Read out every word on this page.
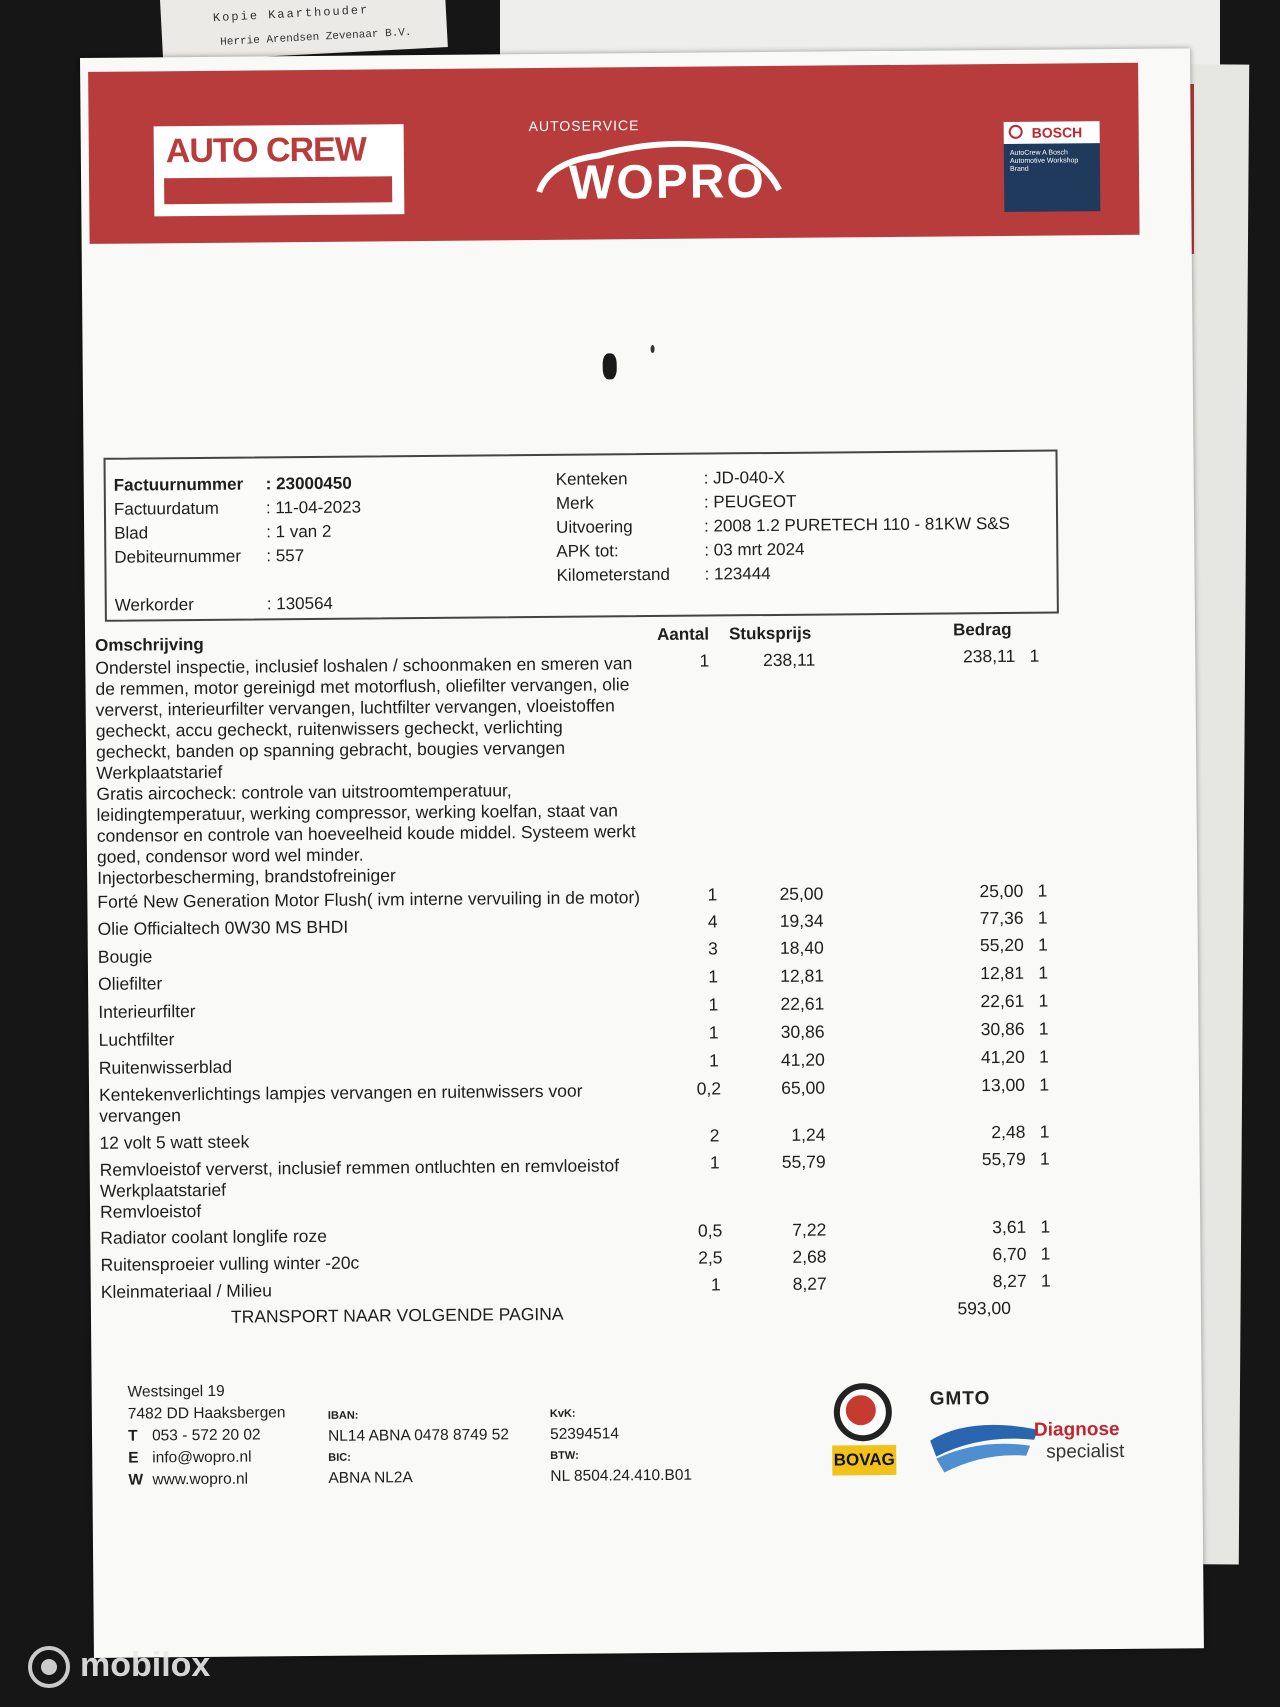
Kopie Kaarthouder
Herrie Arendsen Zevenaar B.V.
AUTO CREW
AUTOSERVICE
WOPRO
BOSCH
AutoCrew A Bosch Automotive Workshop Brand
Factuurnummer : 23000450
Factuurdatum	: 11-04-2023
Blad	: 1 van 2
Debiteurnummer : 557
Werkorder	: 130564
Kenteken	: JD-040-X
Merk	: PEUGEOT
Uitvoering	: 2008 1.2 PURETECH 110 - 81KW S&S
APK tot:	: 03 mrt 2024
Kilometerstand : 123444
Omschrijving
Aantal Stuksprijs	Bedrag
Onderstel inspectie, inclusief loshalen / schoonmaken en smeren van
de remmen, motor gereinigd met motorflush, oliefilter vervangen, olie
ververst, interieurfilter vervangen, luchtfilter vervangen, vloeistoffen
gecheckt, accu gecheckt, ruitenwissers gecheckt, verlichting
gecheckt, banden op spanning gebracht, bougies vervangen
Werkplaatstarief
Gratis aircocheck: controle van uitstroomtemperatuur,
leidingtemperatuur, werking compressor, werking koelfan, staat van
condensor en controle van hoeveelheid koude middel. Systeem werkt
goed, condensor word wel minder.
Injectorbescherming, brandstofreiniger
1	238,11	238,11 1
Forté New Generation Motor Flush( ivm interne vervuiling in de motor)	1	25,00	25,00 1
Olie Officialtech 0W30 MS BHDI	4	19,34	77,36 1
Bougie	3	18,40	55,20 1
Oliefilter	1	12,81	12,81 1
Interieurfilter	1	22,61	22,61 1
Luchtfilter	1	30,86	30,86 1
Ruitenwisserblad	1	41,20	41,20 1
Kentekenverlichtings lampjes vervangen en ruitenwissers voor
vervangen
0,2	65,00	13,00 1
12 volt 5 watt steek	2	1,24	2,48 1
Remvloeistof ververst, inclusief remmen ontluchten en remvloeistof
Werkplaatstarief
Remvloeistof
1	55,79	55,79 1
Radiator coolant longlife roze	0,5	7,22	3,61 1
Ruitensproeier vulling winter -20c	2,5	2,68	6,70 1
Kleinmateriaal / Milieu	1	8,27	8,27 1
TRANSPORT NAAR VOLGENDE PAGINA	593,00
Westsingel 19
7482 DD Haaksbergen
T 053 - 572 20 02
E info@wopro.nl
W www.wopro.nl
IBAN:
NL14 ABNA 0478 8749 52
BIC:
ABNA NL2A
KvK:
52394514
BTW:
NL 8504.24.410.B01
BOVAG
GMTO
Diagnose
specialist
mobilox
